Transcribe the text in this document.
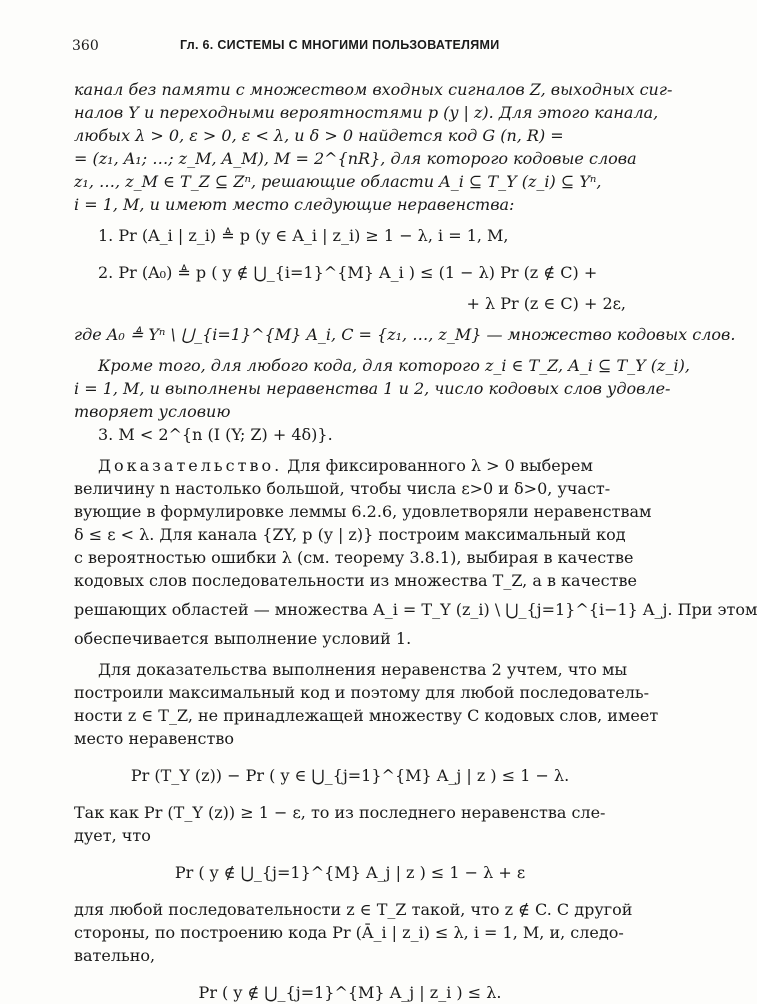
360	Гл. 6. СИСТЕМЫ С МНОГИМИ ПОЛЬЗОВАТЕЛЯМИ

канал без памяти с множеством входных сигналов Z, выходных сиг-

налов Y и переходными вероятностями p (y | z). Для этого канала,

любых λ > 0, ε > 0, ε < λ, и δ > 0 найдется код G (n, R) =

= (z₁, A₁; …; z_M, A_M), M = 2^{nR}, для которого кодовые слова

z₁, …, z_M ∈ T_Z ⊆ Zⁿ, решающие области A_i ⊆ T_Y (z_i) ⊆ Yⁿ,

i = 1, M, и имеют место следующие неравенства:

1. Pr (A_i | z_i) ≜ p (y ∈ A_i | z_i) ≥ 1 − λ, i = 1, M,

2. Pr (A₀) ≜ p ( y ∉ ⋃_{i=1}^{M} A_i ) ≤ (1 − λ) Pr (z ∉ C) +

+ λ Pr (z ∈ C) + 2ε,

где A₀ ≜ Yⁿ \ ⋃_{i=1}^{M} A_i, C = {z₁, …, z_M} — множество кодовых слов.

Кроме того, для любого кода, для которого z_i ∈ T_Z, A_i ⊆ T_Y (z_i),

i = 1, M, и выполнены неравенства 1 и 2, число кодовых слов удовле-

творяет условию

3. M < 2^{n (I (Y; Z) + 4δ)}.

Доказательство. Для фиксированного λ > 0 выберем

величину n настолько большой, чтобы числа ε>0 и δ>0, участ-

вующие в формулировке леммы 6.2.6, удовлетворяли неравенствам

δ ≤ ε < λ. Для канала {ZY, p (y | z)} построим максимальный код

с вероятностью ошибки λ (см. теорему 3.8.1), выбирая в качестве

кодовых слов последовательности из множества T_Z, а в качестве

решающих областей — множества A_i = T_Y (z_i) \ ⋃_{j=1}^{i−1} A_j. При этом

обеспечивается выполнение условий 1.

Для доказательства выполнения неравенства 2 учтем, что мы

построили максимальный код и поэтому для любой последователь-

ности z ∈ T_Z, не принадлежащей множеству C кодовых слов, имеет

место неравенство

Pr (T_Y (z)) − Pr ( y ∈ ⋃_{j=1}^{M} A_j | z ) ≤ 1 − λ.

Так как Pr (T_Y (z)) ≥ 1 − ε, то из последнего неравенства сле-

дует, что

Pr ( y ∉ ⋃_{j=1}^{M} A_j | z ) ≤ 1 − λ + ε

для любой последовательности z ∈ T_Z такой, что z ∉ C. С другой

стороны, по построению кода Pr (Ā_i | z_i) ≤ λ, i = 1, M, и, следо-

вательно,

Pr ( y ∉ ⋃_{j=1}^{M} A_j | z_i ) ≤ λ.
